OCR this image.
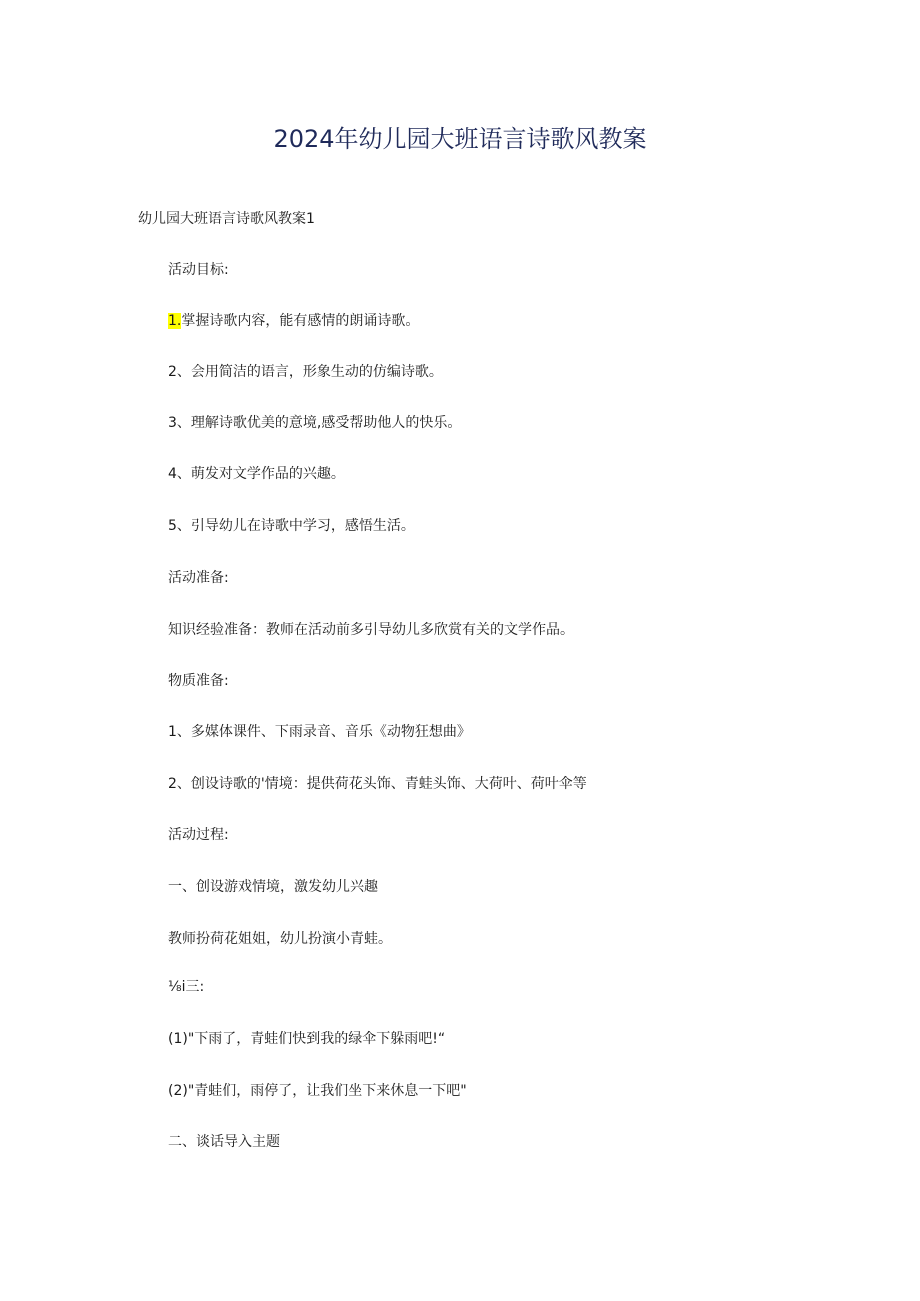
2024年幼儿园大班语言诗歌风教案

幼儿园大班语言诗歌风教案1

活动目标:

1.掌握诗歌内容，能有感情的朗诵诗歌。

2、会用简洁的语言，形象生动的仿编诗歌。

3、理解诗歌优美的意境,感受帮助他人的快乐。

4、萌发对文学作品的兴趣。

5、引导幼儿在诗歌中学习，感悟生活。

活动准备:

知识经验准备：教师在活动前多引导幼儿多欣赏有关的文学作品。

物质准备:

1、多媒体课件、下雨录音、音乐《动物狂想曲》

2、创设诗歌的'情境：提供荷花头饰、青蛙头饰、大荷叶、荷叶伞等

活动过程:

一、创设游戏情境，激发幼儿兴趣

教师扮荷花姐姐，幼儿扮演小青蛙。

⅛i三:

(1)"下雨了，青蛙们快到我的绿伞下躲雨吧!“

(2)"青蛙们，雨停了，让我们坐下来休息一下吧"

二、谈话导入主题
